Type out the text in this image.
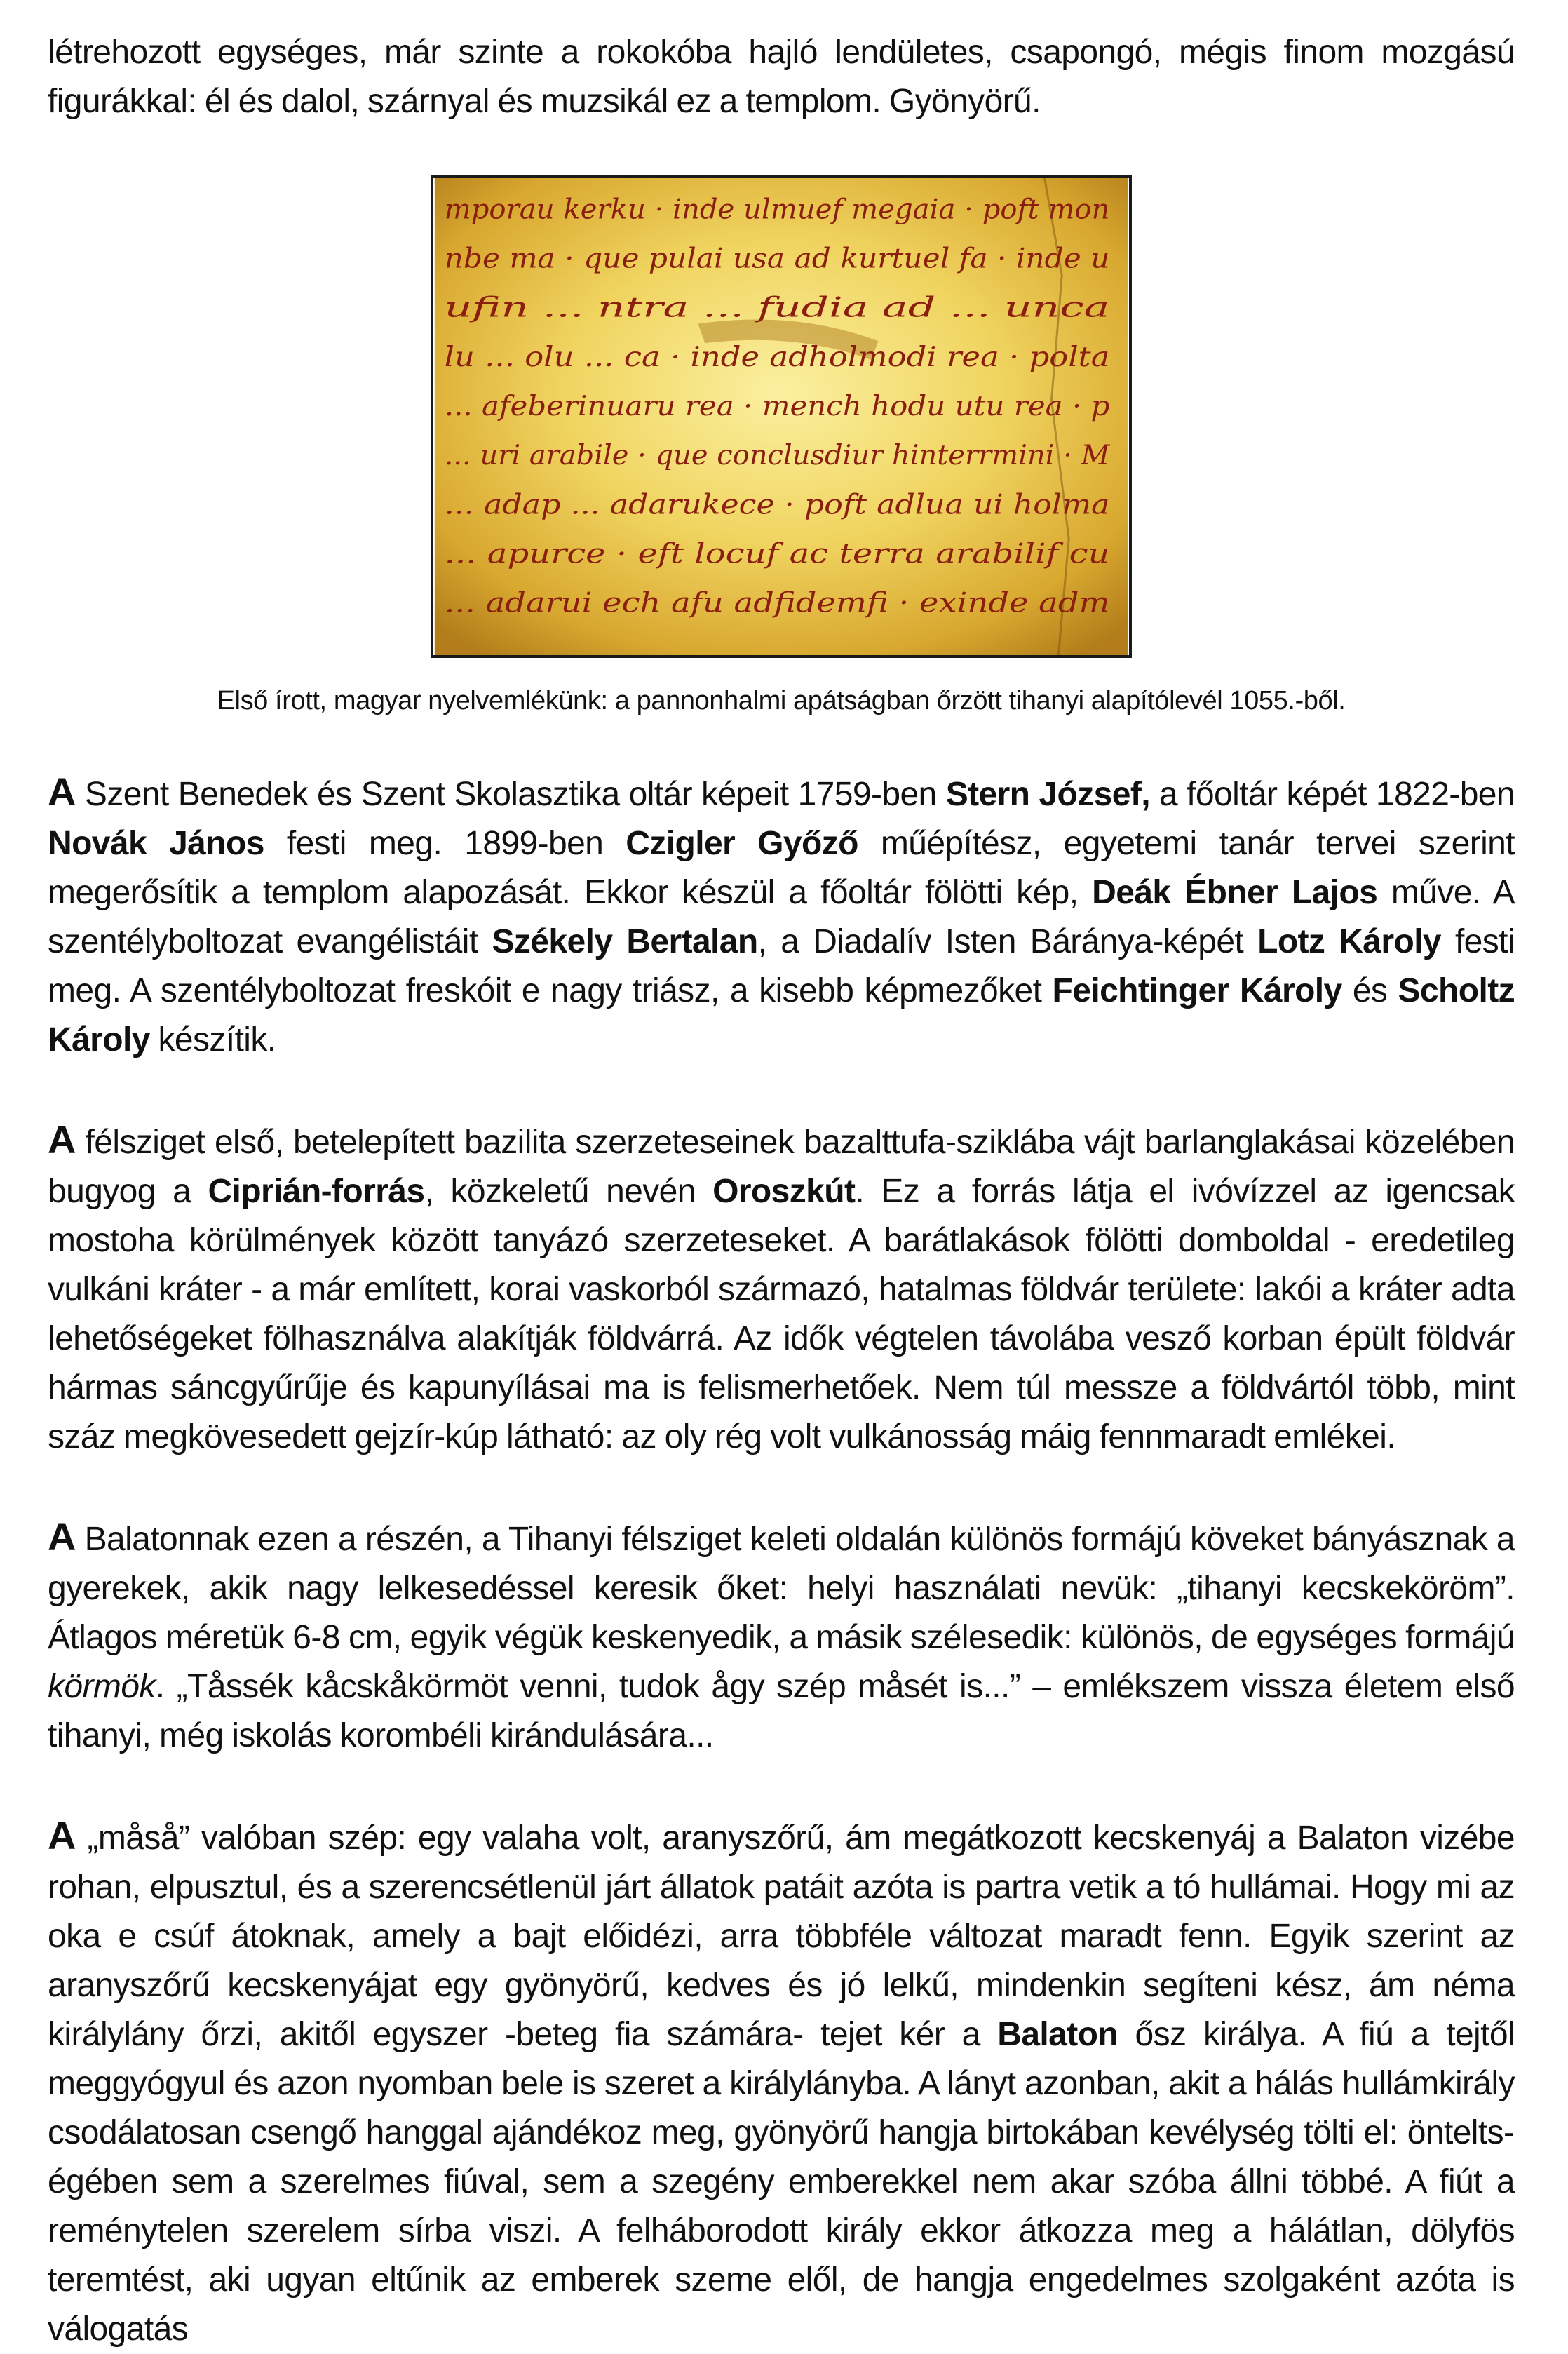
létrehozott egységes, már szinte a rokokóba hajló lendületes, csapongó, mégis finom mozgású figurákkal: él és dalol, szárnyal és muzsikál ez a templom. Gyönyörű.

mporau kerku · inde ulmuef megaia · poft mon
nbe ma · que pulai usa ad kurtuel fa · inde u
ufin ... ntra ... fudia ad ... unca
lu ... olu ... ca · inde adholmodi rea · polta
... afeberinuaru rea · mench hodu utu rea · p
... uri arabile · que conclusdiur hinterrmini · M
... adap ... adarukece · poft adlua ui holma
... apurce · eft locuf ac terra arabilif cu
... adarui ech afu adfidemfi · exinde adm

Első írott, magyar nyelvemlékünk: a pannonhalmi apátságban őrzött tihanyi alapítólevél 1055.-ből.

A Szent Benedek és Szent Skolasztika oltár képeit 1759-ben Stern József, a főoltár képét 1822-ben Novák János festi meg. 1899-ben Czigler Győző műépítész, egyetemi tanár tervei szerint megerősítik a templom alapozását. Ekkor készül a főoltár fölötti kép, Deák Ébner Lajos műve. A szentélyboltozat evangélistáit Székely Bertalan, a Diadalív Isten Báránya-képét Lotz Károly festi meg. A szentélyboltozat freskóit e nagy triász, a kisebb képmezőket Feichtinger Károly és Scholtz Károly készítik.

A félsziget első, betelepített bazilita szerzeteseinek bazalttufa-sziklába vájt barlanglakásai közelében bugyog a Ciprián-forrás, közkeletű nevén Oroszkút. Ez a forrás látja el ivóvízzel az igencsak mostoha körülmények között tanyázó szerzeteseket. A barátlakások fölötti domboldal - eredetileg vulkáni kráter - a már említett, korai vaskorból származó, hatalmas földvár területe: lakói a kráter adta lehetőségeket fölhasználva alakítják földvárrá. Az idők végtelen távolába vesző korban épült földvár hármas sáncgyűrűje és kapunyílásai ma is felismerhetőek. Nem túl messze a földvártól több, mint száz megkövesedett gejzír-kúp látható: az oly rég volt vulkánosság máig fennmaradt emlékei.

A Balatonnak ezen a részén, a Tihanyi félsziget keleti oldalán különös formájú köveket bányásznak a gyerekek, akik nagy lelkesedéssel keresik őket: helyi használati nevük: „tihanyi kecskeköröm”. Átlagos méretük 6-8 cm, egyik végük keskenyedik, a másik szélesedik: különös, de egységes formájú körmök. „Tåssék kåcskåkörmöt venni, tudok ågy szép måsét is...” – emlékszem vissza életem első tihanyi, még iskolás korombéli kirándulására...

A „måså” valóban szép: egy valaha volt, aranyszőrű, ám megátkozott kecskenyáj a Balaton vizébe rohan, elpusztul, és a szerencsétlenül járt állatok patáit azóta is partra vetik a tó hullámai. Hogy mi az oka e csúf átoknak, amely a bajt előidézi, arra többféle változat maradt fenn. Egyik szerint az aranyszőrű kecskenyájat egy gyönyörű, kedves és jó lelkű, mindenkin segíteni kész, ám néma királylány őrzi, akitől egyszer -beteg fia számára- tejet kér a Balaton ősz királya. A fiú a tejtől meggyógyul és azon nyomban bele is szeret a királylányba. A lányt azonban, akit a hálás hullámkirály csodálatosan csengő hanggal ajándékoz meg, gyönyörű hangja birtokában kevélység tölti el: önteltségében sem a szerelmes fiúval, sem a szegény emberekkel nem akar szóba állni többé. A fiút a reménytelen szerelem sírba viszi. A felháborodott király ekkor átkozza meg a hálátlan, dölyfös teremtést, aki ugyan eltűnik az emberek szeme elől, de hangja engedelmes szolgaként azóta is válogatás
